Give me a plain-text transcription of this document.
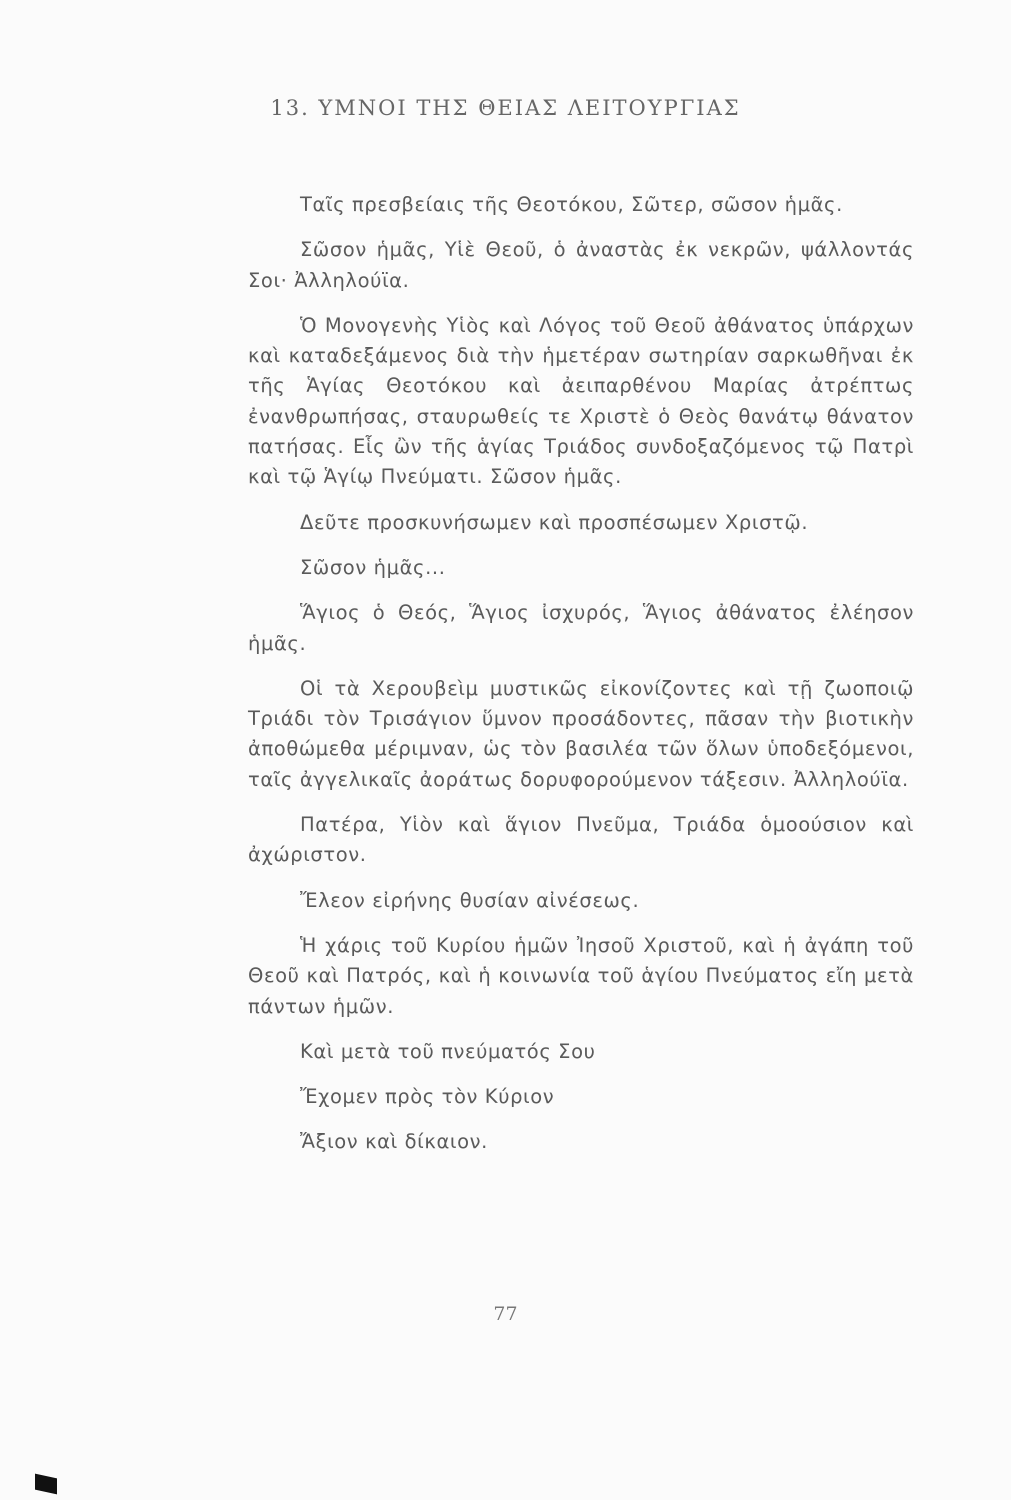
13. ΥΜΝΟΙ ΤΗΣ ΘΕΙΑΣ ΛΕΙΤΟΥΡΓΙΑΣ

Ταῖς πρεσβείαις τῆς Θεοτόκου, Σῶτερ, σῶσον ἡμᾶς.

Σῶσον ἡμᾶς, Υἱὲ Θεοῦ, ὁ ἀναστὰς ἐκ νεκρῶν, ψάλλοντάς Σοι· Ἀλληλούϊα.

Ὁ Μονογενὴς Υἱὸς καὶ Λόγος τοῦ Θεοῦ ἀθάνατος ὑπάρχων καὶ καταδεξάμενος διὰ τὴν ἡμετέραν σωτηρίαν σαρκωθῆναι ἐκ τῆς Ἁγίας Θεοτόκου καὶ ἀειπαρθένου Μαρίας ἀτρέπτως ἐνανθρωπήσας, σταυρωθείς τε Χριστὲ ὁ Θεὸς θανάτῳ θάνατον πατήσας. Εἷς ὢν τῆς ἁγίας Τριάδος συνδοξαζόμενος τῷ Πατρὶ καὶ τῷ Ἁγίῳ Πνεύματι. Σῶσον ἡμᾶς.

Δεῦτε προσκυνήσωμεν καὶ προσπέσωμεν Χριστῷ.

Σῶσον ἡμᾶς...

Ἅγιος ὁ Θεός, Ἅγιος ἰσχυρός, Ἅγιος ἀθάνατος ἐλέησον ἡμᾶς.

Οἱ τὰ Χερουβεὶμ μυστικῶς εἰκονίζοντες καὶ τῇ ζωοποιῷ Τριάδι τὸν Τρισάγιον ὕμνον προσάδοντες, πᾶσαν τὴν βιοτικὴν ἀποθώμεθα μέριμναν, ὡς τὸν βασιλέα τῶν ὅλων ὑποδεξόμενοι, ταῖς ἀγγελικαῖς ἀοράτως δορυφορούμενον τάξεσιν. Ἀλληλούϊα.

Πατέρα, Υἱὸν καὶ ἅγιον Πνεῦμα, Τριάδα ὁμοούσιον καὶ ἀχώριστον.

Ἔλεον εἰρήνης θυσίαν αἰνέσεως.

Ἡ χάρις τοῦ Κυρίου ἡμῶν Ἰησοῦ Χριστοῦ, καὶ ἡ ἀγάπη τοῦ Θεοῦ καὶ Πατρός, καὶ ἡ κοινωνία τοῦ ἁγίου Πνεύματος εἴη μετὰ πάντων ἡμῶν.

Καὶ μετὰ τοῦ πνεύματός Σου

Ἔχομεν πρὸς τὸν Κύριον

Ἄξιον καὶ δίκαιον.

77
